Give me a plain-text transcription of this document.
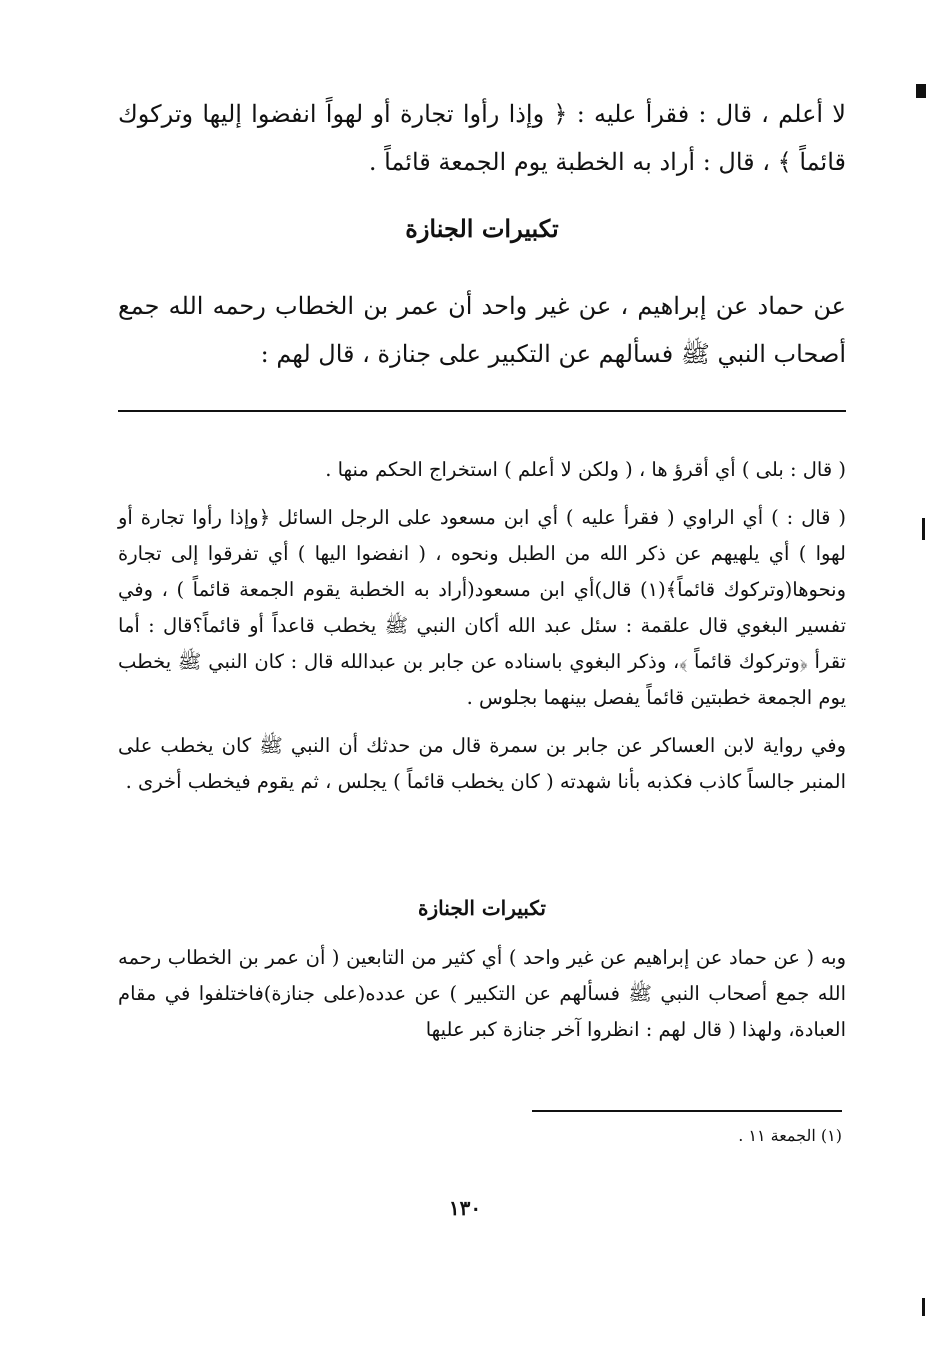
لا أعلم ، قال : فقرأ عليه : ﴿ وإذا رأوا تجارة أو لهواً انفضوا إليها وتركوك قائماً ﴾ ، قال : أراد به الخطبة يوم الجمعة قائماً .

تكبيرات الجنازة

عن حماد عن إبراهيم ، عن غير واحد أن عمر بن الخطاب رحمه الله جمع أصحاب النبي ﷺ فسألهم عن التكبير على جنازة ، قال لهم :

( قال : بلى ) أي أقرؤ ها ، ( ولكن لا أعلم ) استخراج الحكم منها .

( قال : ) أي الراوي ( فقرأ عليه ) أي ابن مسعود على الرجل السائل ﴿وإذا رأوا تجارة أو لهوا ) أي يلهيهم عن ذكر الله من الطبل ونحوه ، ( انفضوا اليها ) أي تفرقوا إلى تجارة ونحوها(وتركوك قائماً﴾(١) قال)أي ابن مسعود(أراد به الخطبة يقوم الجمعة قائماً ) ، وفي تفسير البغوي قال علقمة : سئل عبد الله أكان النبي ﷺ يخطب قاعداً أو قائماً؟قال : أما تقرأ ﴿وتركوك قائماً ﴾، وذكر البغوي باسناده عن جابر بن عبدالله قال : كان النبي ﷺ يخطب يوم الجمعة خطبتين قائماً يفصل بينهما بجلوس .

وفي رواية لابن العساكر عن جابر بن سمرة قال من حدثك أن النبي ﷺ كان يخطب على المنبر جالساً كاذب فكذبه بأنا شهدته ( كان يخطب قائماً ) يجلس ، ثم يقوم فيخطب أخرى .

تكبيرات الجنازة

وبه ( عن حماد عن إبراهيم عن غير واحد ) أي كثير من التابعين ( أن عمر بن الخطاب رحمه الله جمع أصحاب النبي ﷺ فسألهم عن التكبير ) عن عدده(على جنازة)فاختلفوا في مقام العبادة، ولهذا ( قال لهم : انظروا آخر جنازة كبر عليها

(١) الجمعة ١١ .

١٣٠
